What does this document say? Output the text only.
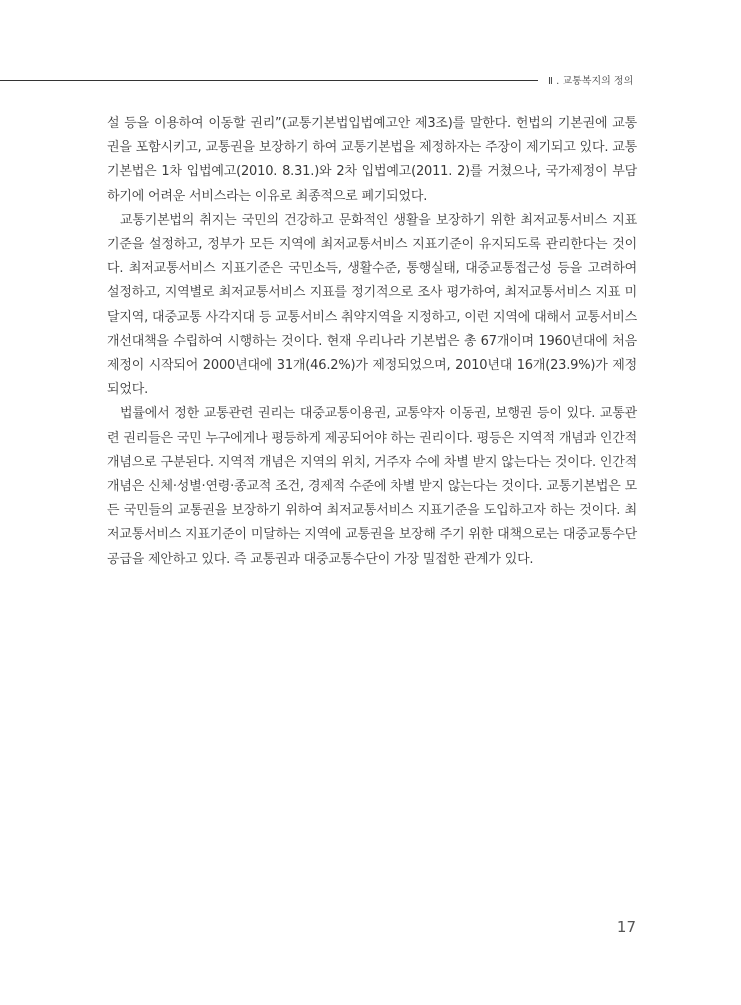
Ⅱ . 교통복지의 정의

설 등을 이용하여 이동할 권리”(교통기본법입법예고안 제3조)를 말한다. 헌법의 기본권에 교통권을 포함시키고, 교통권을 보장하기 하여 교통기본법을 제정하자는 주장이 제기되고 있다. 교통기본법은 1차 입법예고(2010. 8.31.)와 2차 입법예고(2011. 2)를 거쳤으나, 국가제정이 부담하기에 어려운 서비스라는 이유로 최종적으로 폐기되었다.

교통기본법의 취지는 국민의 건강하고 문화적인 생활을 보장하기 위한 최저교통서비스 지표기준을 설정하고, 정부가 모든 지역에 최저교통서비스 지표기준이 유지되도록 관리한다는 것이다. 최저교통서비스 지표기준은 국민소득, 생활수준, 통행실태, 대중교통접근성 등을 고려하여 설정하고, 지역별로 최저교통서비스 지표를 정기적으로 조사 평가하여, 최저교통서비스 지표 미달지역, 대중교통 사각지대 등 교통서비스 취약지역을 지정하고, 이런 지역에 대해서 교통서비스 개선대책을 수립하여 시행하는 것이다. 현재 우리나라 기본법은 총 67개이며 1960년대에 처음 제정이 시작되어 2000년대에 31개(46.2%)가 제정되었으며, 2010년대 16개(23.9%)가 제정되었다.

법률에서 정한 교통관련 권리는 대중교통이용권, 교통약자 이동권, 보행권 등이 있다. 교통관련 권리들은 국민 누구에게나 평등하게 제공되어야 하는 권리이다. 평등은 지역적 개념과 인간적 개념으로 구분된다. 지역적 개념은 지역의 위치, 거주자 수에 차별 받지 않는다는 것이다. 인간적 개념은 신체·성별·연령·종교적 조건, 경제적 수준에 차별 받지 않는다는 것이다. 교통기본법은 모든 국민들의 교통권을 보장하기 위하여 최저교통서비스 지표기준을 도입하고자 하는 것이다. 최저교통서비스 지표기준이 미달하는 지역에 교통권을 보장해 주기 위한 대책으로는 대중교통수단 공급을 제안하고 있다. 즉 교통권과 대중교통수단이 가장 밀접한 관계가 있다.

17
